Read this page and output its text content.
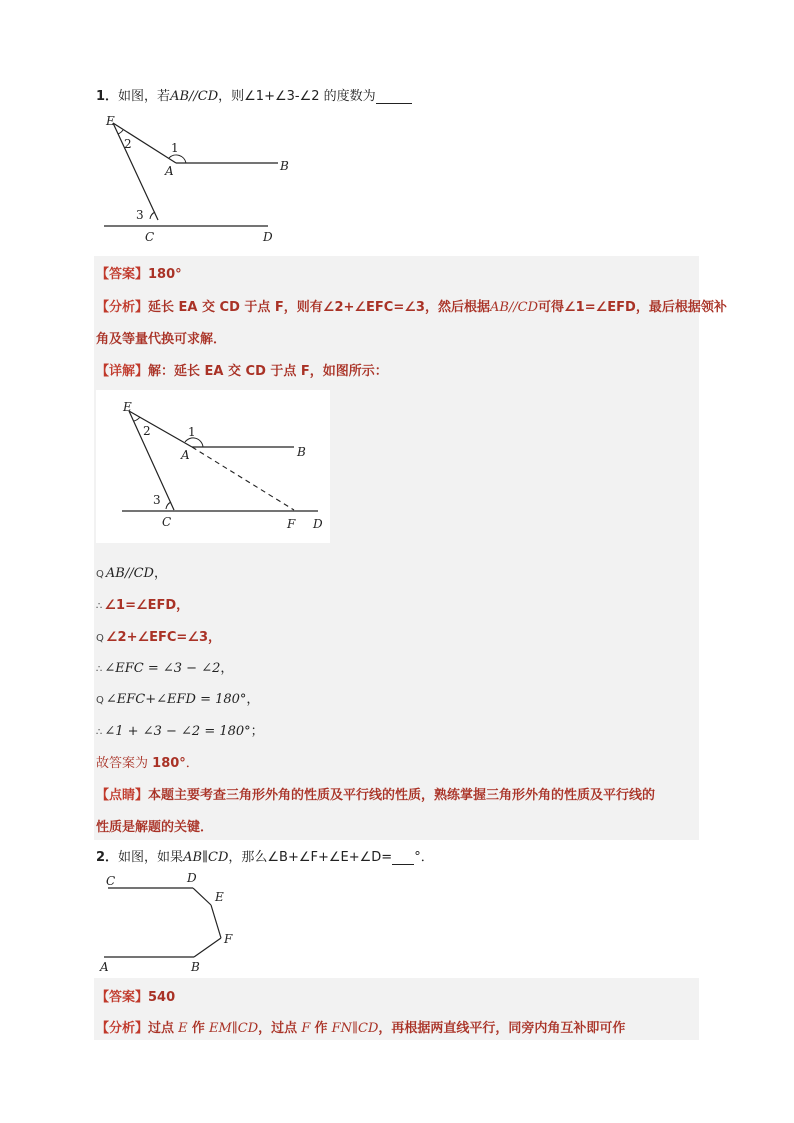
1．如图，若AB//CD，则∠1+∠3-∠2 的度数为
E
2	1
A	B
3
C	D
【答案】180°
【分析】延长 EA 交 CD 于点 F，则有∠2+∠EFC=∠3，然后根据AB//CD可得∠1=∠EFD，最后根据领补
角及等量代换可求解．
【详解】解：延长 EA 交 CD 于点 F，如图所示：
E
2	1
A	B
3
C	F D
Q AB//CD，
∴ ∠1=∠EFD，
Q ∠2+∠EFC=∠3，
∴ ∠EFC = ∠3 − ∠2，
Q ∠EFC+∠EFD = 180°，
∴ ∠1 + ∠3 − ∠2 = 180°；
故答案为 180°．
【点睛】本题主要考查三角形外角的性质及平行线的性质，熟练掌握三角形外角的性质及平行线的
性质是解题的关键．
2．如图，如果AB∥CD，那么∠B+∠F+∠E+∠D= °．
C	D
E
F
A	B
【答案】540
【分析】过点 E 作 EM∥CD，过点 F 作 FN∥CD，再根据两直线平行，同旁内角互补即可作
